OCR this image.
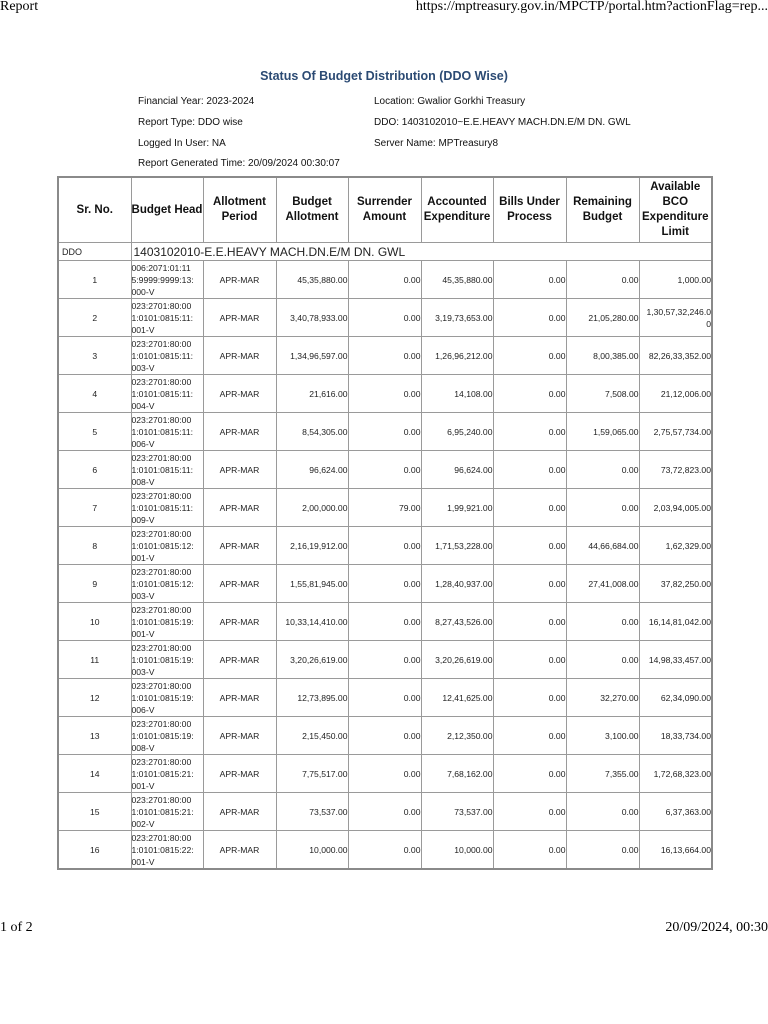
Report	https://mptreasury.gov.in/MPCTP/portal.htm?actionFlag=rep...
Status Of Budget Distribution (DDO Wise)
Financial Year: 2023-2024	Location: Gwalior Gorkhi Treasury
Report Type: DDO wise	DDO: 1403102010~E.E.HEAVY MACH.DN.E/M DN. GWL
Logged In User: NA	Server Name: MPTreasury8
Report Generated Time: 20/09/2024 00:30:07
Sr. No.	Budget Head	Allotment Period	Budget Allotment	Surrender Amount	Accounted Expenditure	Bills Under Process	Remaining Budget	Available BCO Expenditure Limit
DDO	1403102010-E.E.HEAVY MACH.DN.E/M DN. GWL							
1	006:2071:01:11
5:9999:9999:13:
000-V	APR-MAR	45,35,880.00	0.00	45,35,880.00	0.00	0.00	1,000.00
2	023:2701:80:00
1:0101:0815:11:
001-V	APR-MAR	3,40,78,933.00	0.00	3,19,73,653.00	0.00	21,05,280.00	1,30,57,32,246.0
0
3	023:2701:80:00
1:0101:0815:11:
003-V	APR-MAR	1,34,96,597.00	0.00	1,26,96,212.00	0.00	8,00,385.00	82,26,33,352.00
4	023:2701:80:00
1:0101:0815:11:
004-V	APR-MAR	21,616.00	0.00	14,108.00	0.00	7,508.00	21,12,006.00
5	023:2701:80:00
1:0101:0815:11:
006-V	APR-MAR	8,54,305.00	0.00	6,95,240.00	0.00	1,59,065.00	2,75,57,734.00
6	023:2701:80:00
1:0101:0815:11:
008-V	APR-MAR	96,624.00	0.00	96,624.00	0.00	0.00	73,72,823.00
7	023:2701:80:00
1:0101:0815:11:
009-V	APR-MAR	2,00,000.00	79.00	1,99,921.00	0.00	0.00	2,03,94,005.00
8	023:2701:80:00
1:0101:0815:12:
001-V	APR-MAR	2,16,19,912.00	0.00	1,71,53,228.00	0.00	44,66,684.00	1,62,329.00
9	023:2701:80:00
1:0101:0815:12:
003-V	APR-MAR	1,55,81,945.00	0.00	1,28,40,937.00	0.00	27,41,008.00	37,82,250.00
10	023:2701:80:00
1:0101:0815:19:
001-V	APR-MAR	10,33,14,410.00	0.00	8,27,43,526.00	0.00	0.00	16,14,81,042.00
11	023:2701:80:00
1:0101:0815:19:
003-V	APR-MAR	3,20,26,619.00	0.00	3,20,26,619.00	0.00	0.00	14,98,33,457.00
12	023:2701:80:00
1:0101:0815:19:
006-V	APR-MAR	12,73,895.00	0.00	12,41,625.00	0.00	32,270.00	62,34,090.00
13	023:2701:80:00
1:0101:0815:19:
008-V	APR-MAR	2,15,450.00	0.00	2,12,350.00	0.00	3,100.00	18,33,734.00
14	023:2701:80:00
1:0101:0815:21:
001-V	APR-MAR	7,75,517.00	0.00	7,68,162.00	0.00	7,355.00	1,72,68,323.00
15	023:2701:80:00
1:0101:0815:21:
002-V	APR-MAR	73,537.00	0.00	73,537.00	0.00	0.00	6,37,363.00
16	023:2701:80:00
1:0101:0815:22:
001-V	APR-MAR	10,000.00	0.00	10,000.00	0.00	0.00	16,13,664.00
1 of 2	20/09/2024, 00:30
